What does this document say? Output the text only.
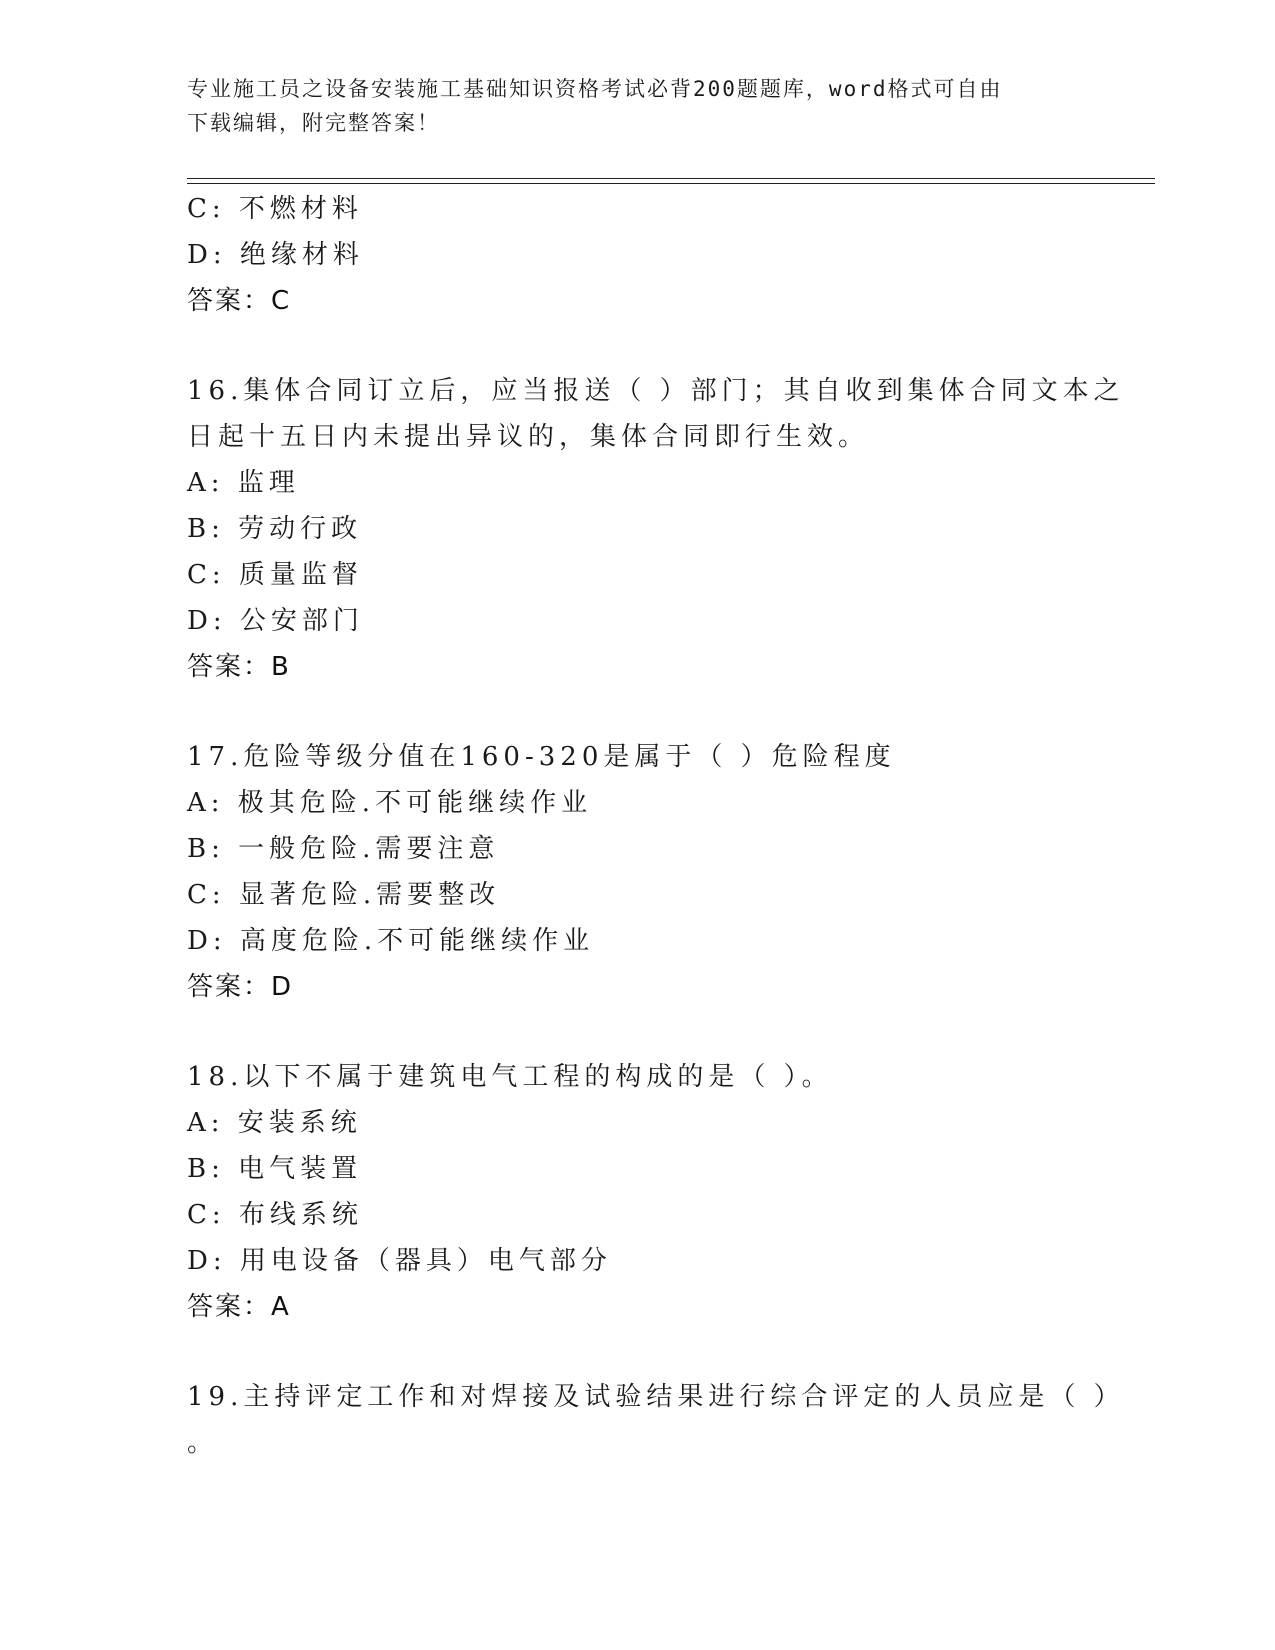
专业施工员之设备安装施工基础知识资格考试必背200题题库，word格式可自由
下载编辑，附完整答案！
C: 不燃材料
D: 绝缘材料
答案：C
16.集体合同订立后，应当报送（ ）部门；其自收到集体合同文本之
日起十五日内未提出异议的，集体合同即行生效。
A: 监理
B: 劳动行政
C: 质量监督
D: 公安部门
答案：B
17.危险等级分值在160-320是属于（ ）危险程度
A: 极其危险.不可能继续作业
B: 一般危险.需要注意
C: 显著危险.需要整改
D: 高度危险.不可能继续作业
答案：D
18.以下不属于建筑电气工程的构成的是（ ）。
A: 安装系统
B: 电气装置
C: 布线系统
D: 用电设备（器具）电气部分
答案：A
19.主持评定工作和对焊接及试验结果进行综合评定的人员应是（ ）
。
